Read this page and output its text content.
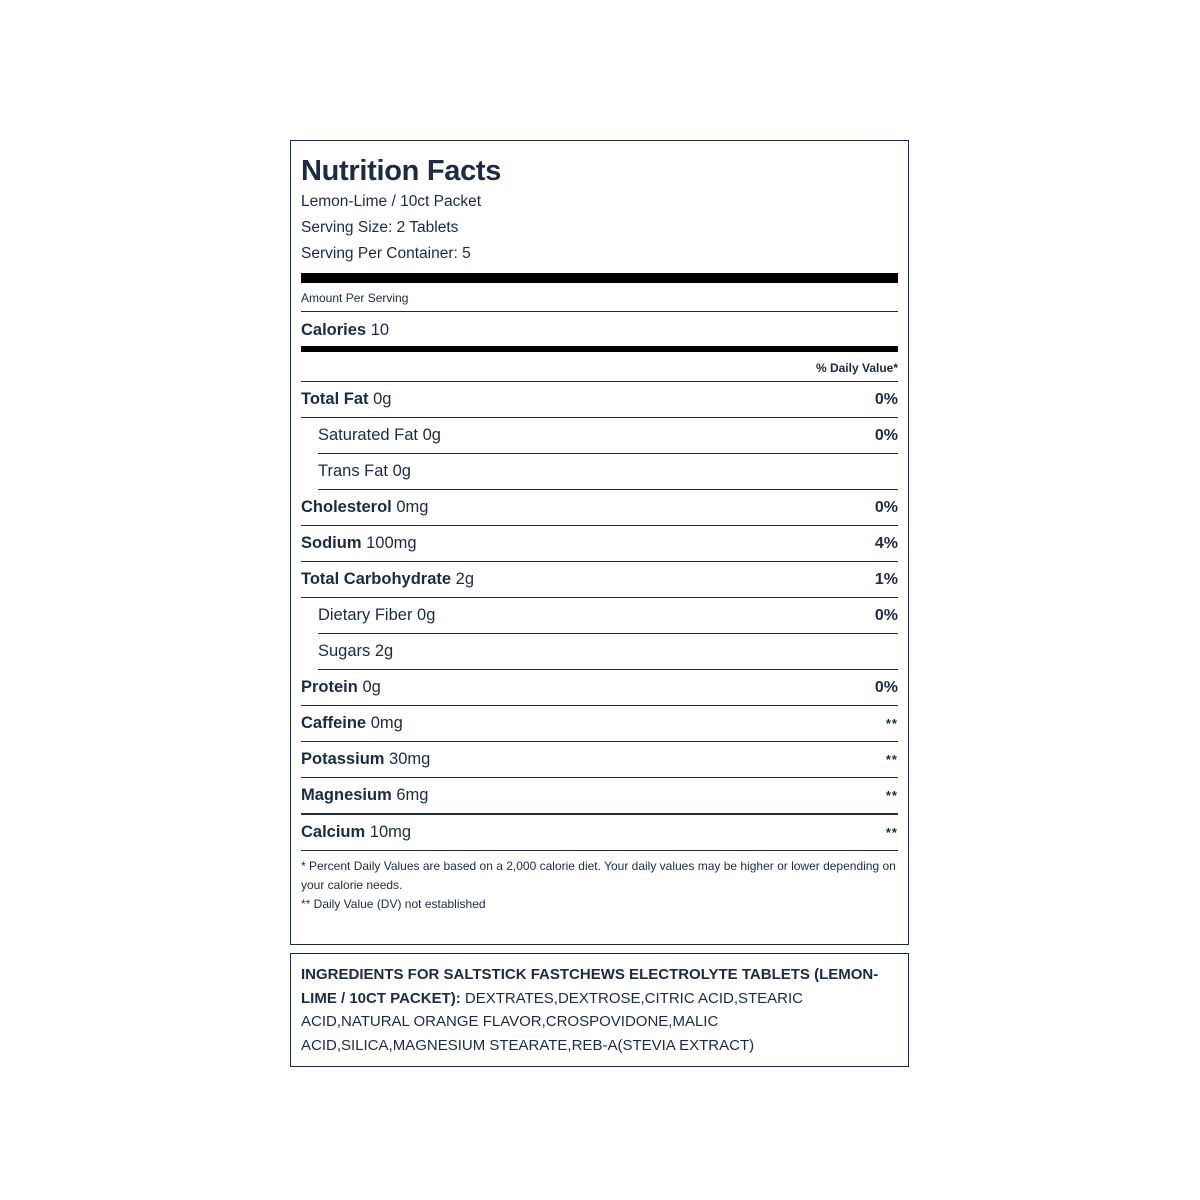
Nutrition Facts
Lemon-Lime / 10ct Packet
Serving Size: 2 Tablets
Serving Per Container: 5
Amount Per Serving
Calories 10
% Daily Value*
Total Fat 0g	0%
Saturated Fat 0g	0%
Trans Fat 0g
Cholesterol 0mg	0%
Sodium 100mg	4%
Total Carbohydrate 2g	1%
Dietary Fiber 0g	0%
Sugars 2g
Protein 0g	0%
Caffeine 0mg	**
Potassium 30mg	**
Magnesium 6mg	**
Calcium 10mg	**
* Percent Daily Values are based on a 2,000 calorie diet. Your daily values may be higher or lower depending on your calorie needs.
** Daily Value (DV) not established
INGREDIENTS FOR SALTSTICK FASTCHEWS ELECTROLYTE TABLETS (LEMON-LIME / 10CT PACKET): DEXTRATES,DEXTROSE,CITRIC ACID,STEARIC ACID,NATURAL ORANGE FLAVOR,CROSPOVIDONE,MALIC ACID,SILICA,MAGNESIUM STEARATE,REB-A(STEVIA EXTRACT)
